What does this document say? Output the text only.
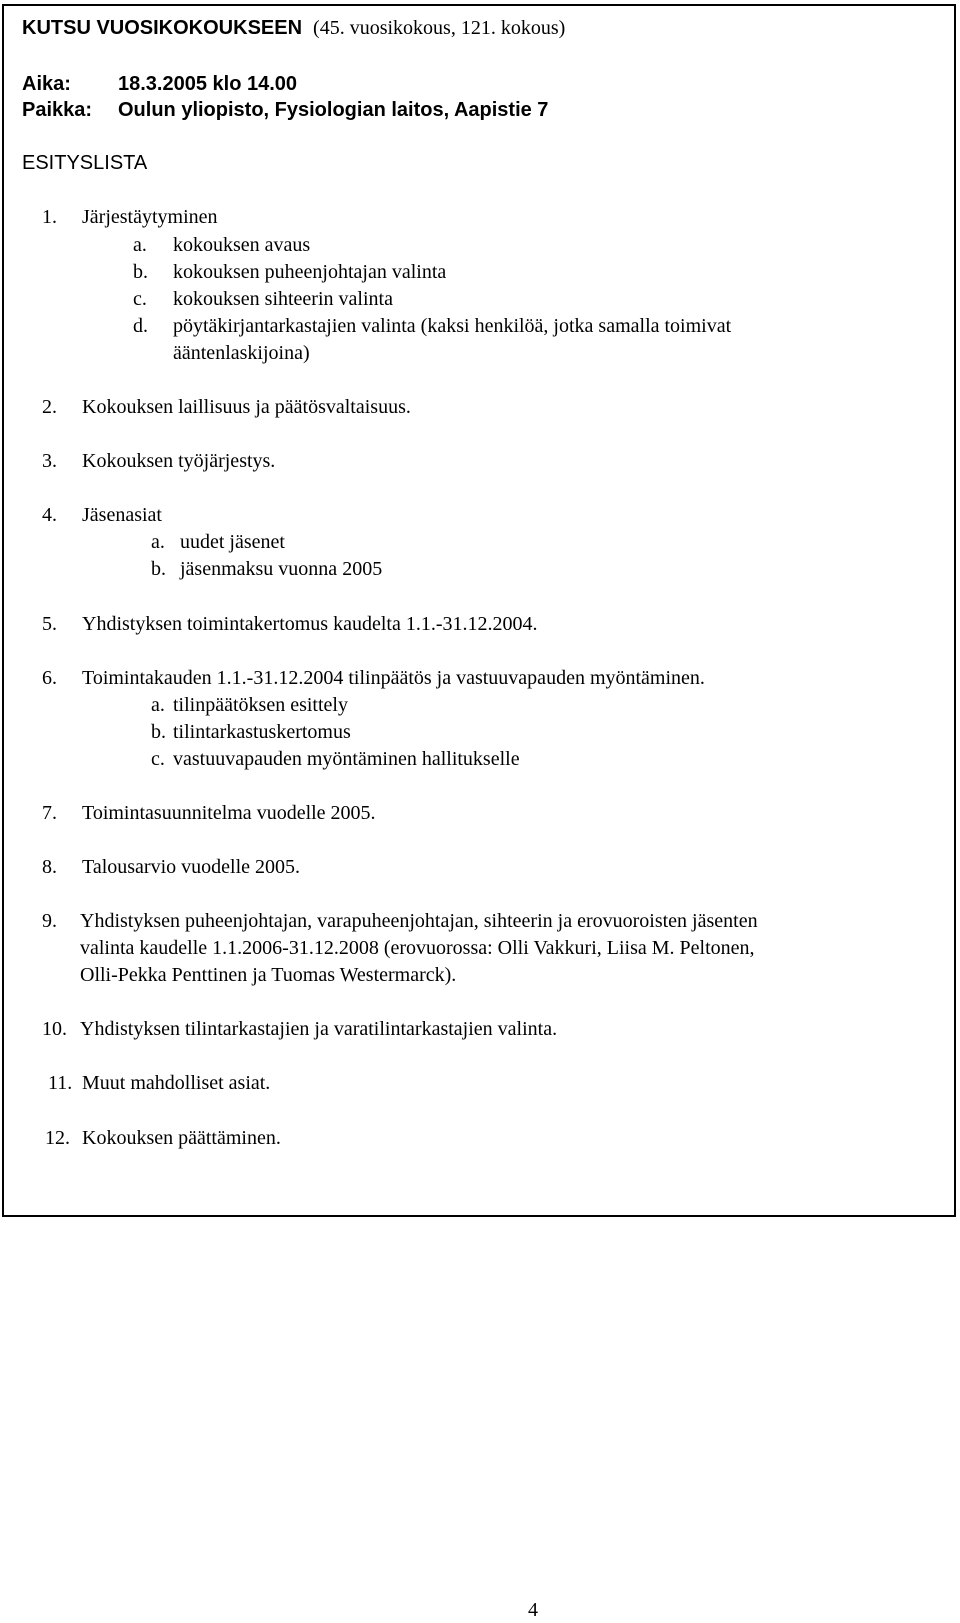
KUTSU VUOSIKOKOUKSEEN (45. vuosikokous, 121. kokous)
Aika: 18.3.2005 klo 14.00
Paikka: Oulun yliopisto, Fysiologian laitos, Aapistie 7
ESITYSLISTA
1. Järjestäytyminen
a. kokouksen avaus
b. kokouksen puheenjohtajan valinta
c. kokouksen sihteerin valinta
d. pöytäkirjantarkastajien valinta (kaksi henkilöä, jotka samalla toimivat
ääntenlaskijoina)
2. Kokouksen laillisuus ja päätösvaltaisuus.
3. Kokouksen työjärjestys.
4. Jäsenasiat
a. uudet jäsenet
b. jäsenmaksu vuonna 2005
5. Yhdistyksen toimintakertomus kaudelta 1.1.-31.12.2004.
6. Toimintakauden 1.1.-31.12.2004 tilinpäätös ja vastuuvapauden myöntäminen.
a. tilinpäätöksen esittely
b. tilintarkastuskertomus
c. vastuuvapauden myöntäminen hallitukselle
7. Toimintasuunnitelma vuodelle 2005.
8. Talousarvio vuodelle 2005.
9. Yhdistyksen puheenjohtajan, varapuheenjohtajan, sihteerin ja erovuoroisten jäsenten
valinta kaudelle 1.1.2006-31.12.2008 (erovuorossa: Olli Vakkuri, Liisa M. Peltonen,
Olli-Pekka Penttinen ja Tuomas Westermarck).
10. Yhdistyksen tilintarkastajien ja varatilintarkastajien valinta.
11. Muut mahdolliset asiat.
12. Kokouksen päättäminen.
4
